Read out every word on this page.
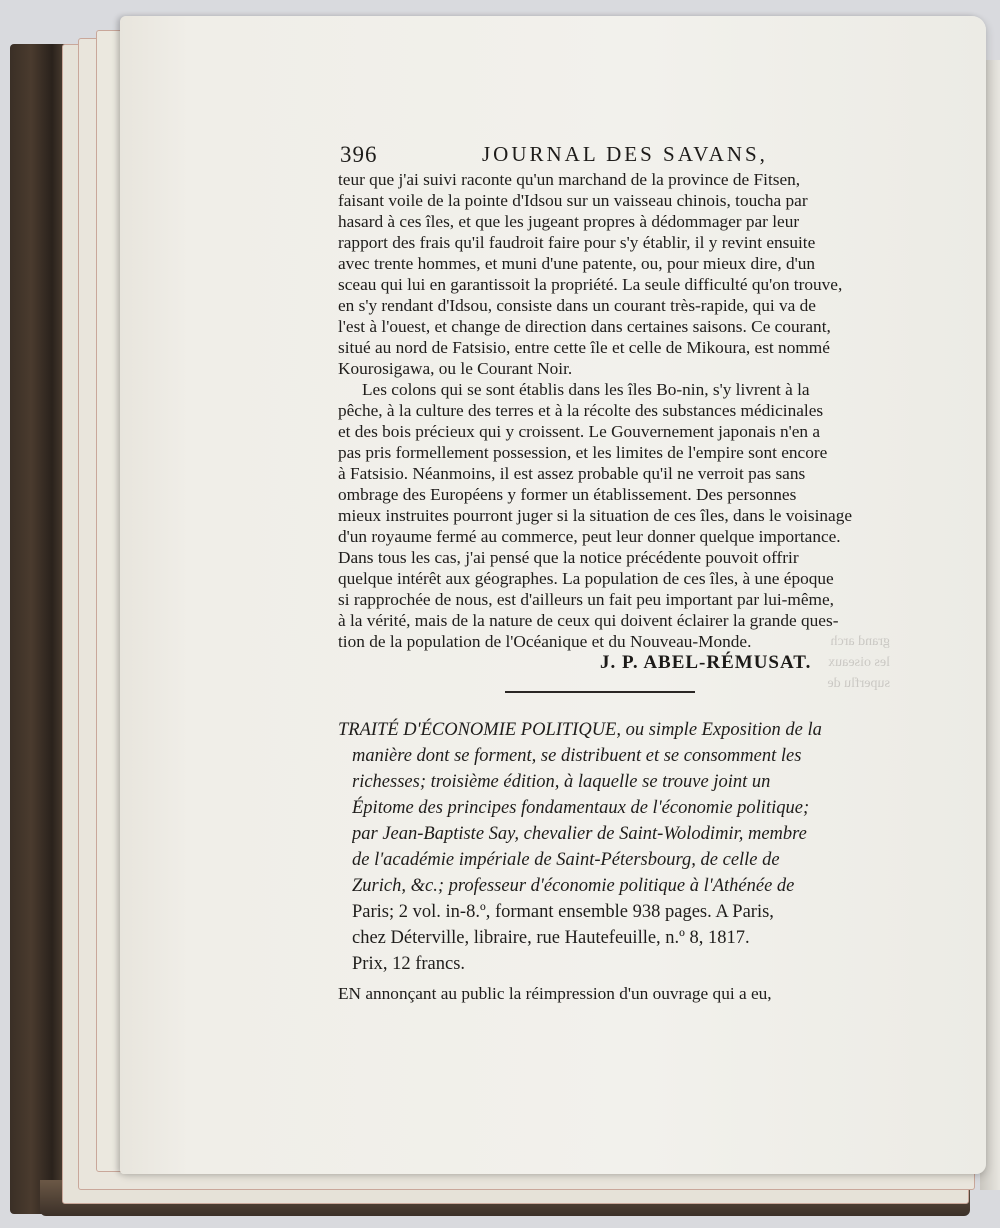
grand arch
les oiseaux
superflu de
396	JOURNAL DES SAVANS,
teur que j'ai suivi raconte qu'un marchand de la province de Fitsen,
faisant voile de la pointe d'Idsou sur un vaisseau chinois, toucha par
hasard à ces îles, et que les jugeant propres à dédommager par leur
rapport des frais qu'il faudroit faire pour s'y établir, il y revint ensuite
avec trente hommes, et muni d'une patente, ou, pour mieux dire, d'un
sceau qui lui en garantissoit la propriété. La seule difficulté qu'on trouve,
en s'y rendant d'Idsou, consiste dans un courant très-rapide, qui va de
l'est à l'ouest, et change de direction dans certaines saisons. Ce courant,
situé au nord de Fatsisio, entre cette île et celle de Mikoura, est nommé
Kourosigawa, ou le Courant Noir.
Les colons qui se sont établis dans les îles Bo-nin, s'y livrent à la
pêche, à la culture des terres et à la récolte des substances médicinales
et des bois précieux qui y croissent. Le Gouvernement japonais n'en a
pas pris formellement possession, et les limites de l'empire sont encore
à Fatsisio. Néanmoins, il est assez probable qu'il ne verroit pas sans
ombrage des Européens y former un établissement. Des personnes
mieux instruites pourront juger si la situation de ces îles, dans le voisinage
d'un royaume fermé au commerce, peut leur donner quelque importance.
Dans tous les cas, j'ai pensé que la notice précédente pouvoit offrir
quelque intérêt aux géographes. La population de ces îles, à une époque
si rapprochée de nous, est d'ailleurs un fait peu important par lui-même,
à la vérité, mais de la nature de ceux qui doivent éclairer la grande ques-
tion de la population de l'Océanique et du Nouveau-Monde.
J. P. ABEL-RÉMUSAT.
TRAITÉ D'ÉCONOMIE POLITIQUE, ou simple Exposition de la
manière dont se forment, se distribuent et se consomment les
richesses; troisième édition, à laquelle se trouve joint un
Épitome des principes fondamentaux de l'économie politique;
par Jean-Baptiste Say, chevalier de Saint-Wolodimir, membre
de l'académie impériale de Saint-Pétersbourg, de celle de
Zurich, &c.; professeur d'économie politique à l'Athénée de
Paris; 2 vol. in-8.º, formant ensemble 938 pages. A Paris,
chez Déterville, libraire, rue Hautefeuille, n.º 8, 1817.
Prix, 12 francs.
EN annonçant au public la réimpression d'un ouvrage qui a eu,
